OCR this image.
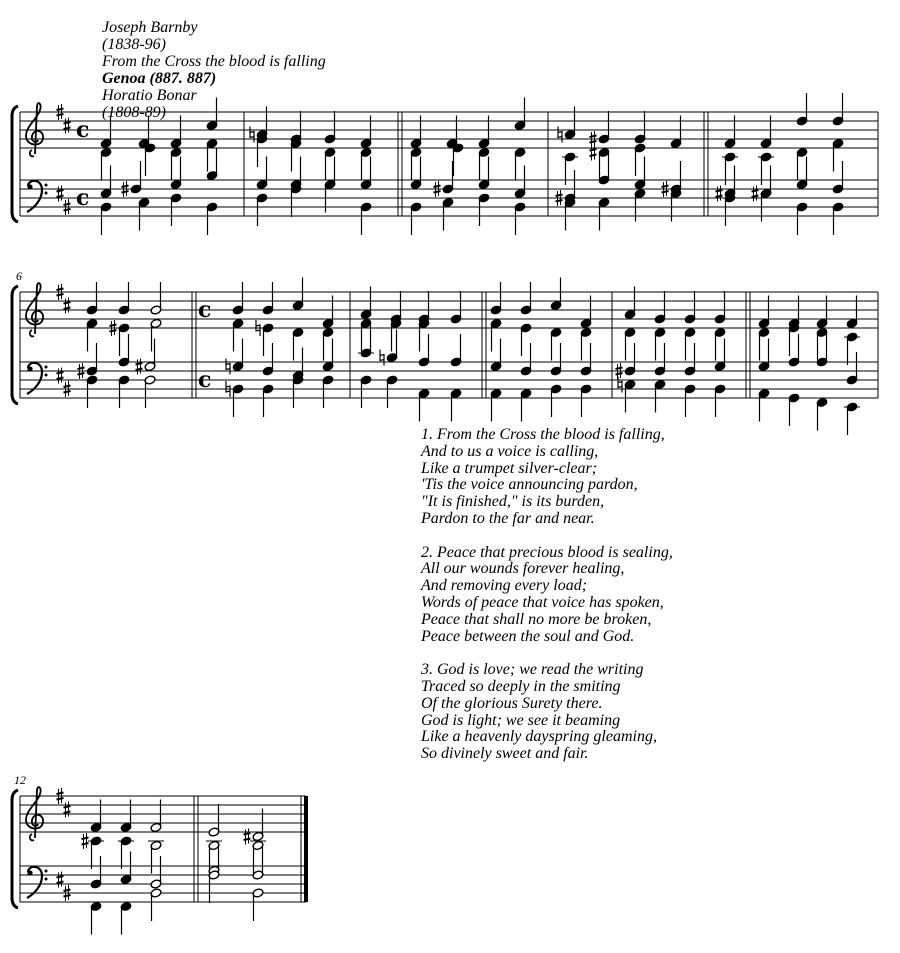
Joseph Barnby
(1838-96)
From the Cross the blood is falling
Genoa (887. 887)
Horatio Bonar
(1808-89)
c
c
c
c
6
12
1. From the Cross the blood is falling,
And to us a voice is calling,
Like a trumpet silver-clear;
'Tis the voice announcing pardon,
"It is finished," is its burden,
Pardon to the far and near.
2. Peace that precious blood is sealing,
All our wounds forever healing,
And removing every load;
Words of peace that voice has spoken,
Peace that shall no more be broken,
Peace between the soul and God.
3. God is love; we read the writing
Traced so deeply in the smiting
Of the glorious Surety there.
God is light; we see it beaming
Like a heavenly dayspring gleaming,
So divinely sweet and fair.
